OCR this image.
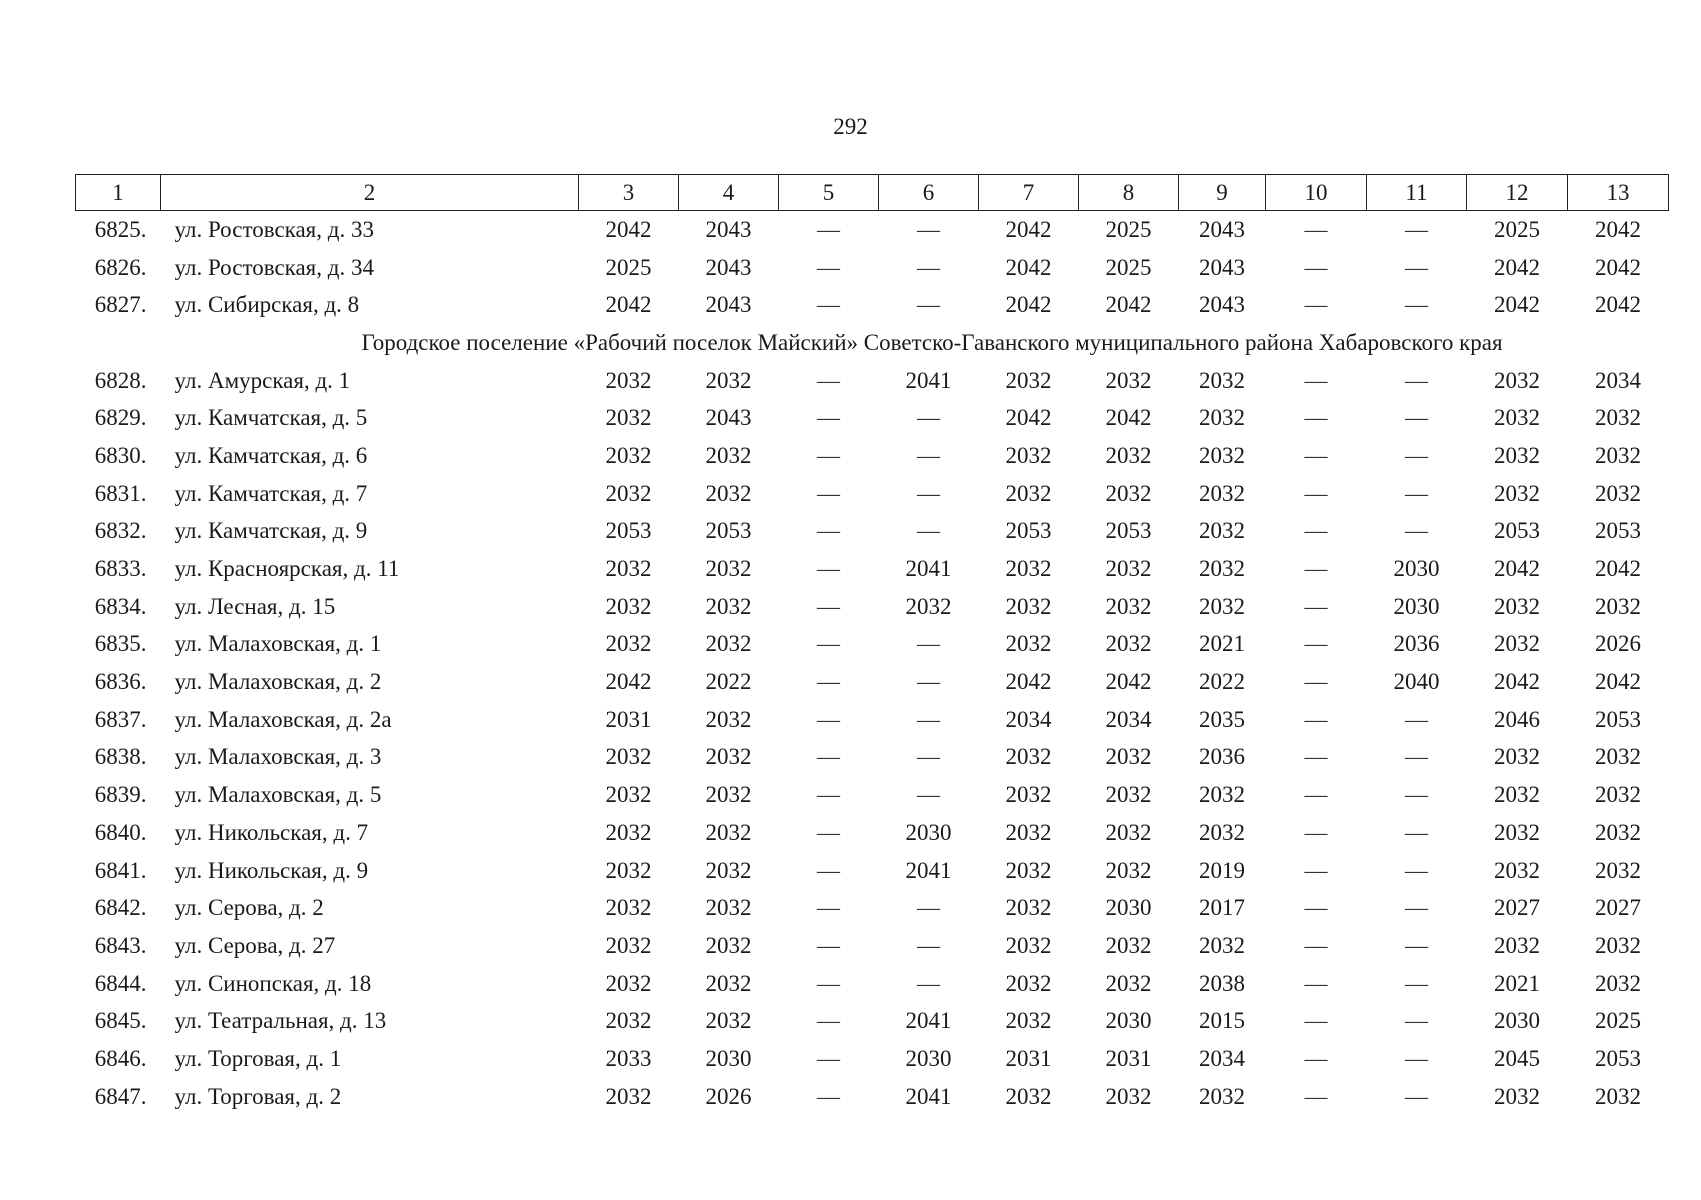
292
1	2	3	4	5	6	7	8	9	10	11	12	13
6825.	ул. Ростовская, д. 33	2042	2043	—	—	2042	2025	2043	—	—	2025	2042
6826.	ул. Ростовская, д. 34	2025	2043	—	—	2042	2025	2043	—	—	2042	2042
6827.	ул. Сибирская, д. 8	2042	2043	—	—	2042	2042	2043	—	—	2042	2042
Городское поселение «Рабочий поселок Майский» Советско-Гаванского муниципального района Хабаровского края												
6828.	ул. Амурская, д. 1	2032	2032	—	2041	2032	2032	2032	—	—	2032	2034
6829.	ул. Камчатская, д. 5	2032	2043	—	—	2042	2042	2032	—	—	2032	2032
6830.	ул. Камчатская, д. 6	2032	2032	—	—	2032	2032	2032	—	—	2032	2032
6831.	ул. Камчатская, д. 7	2032	2032	—	—	2032	2032	2032	—	—	2032	2032
6832.	ул. Камчатская, д. 9	2053	2053	—	—	2053	2053	2032	—	—	2053	2053
6833.	ул. Красноярская, д. 11	2032	2032	—	2041	2032	2032	2032	—	2030	2042	2042
6834.	ул. Лесная, д. 15	2032	2032	—	2032	2032	2032	2032	—	2030	2032	2032
6835.	ул. Малаховская, д. 1	2032	2032	—	—	2032	2032	2021	—	2036	2032	2026
6836.	ул. Малаховская, д. 2	2042	2022	—	—	2042	2042	2022	—	2040	2042	2042
6837.	ул. Малаховская, д. 2а	2031	2032	—	—	2034	2034	2035	—	—	2046	2053
6838.	ул. Малаховская, д. 3	2032	2032	—	—	2032	2032	2036	—	—	2032	2032
6839.	ул. Малаховская, д. 5	2032	2032	—	—	2032	2032	2032	—	—	2032	2032
6840.	ул. Никольская, д. 7	2032	2032	—	2030	2032	2032	2032	—	—	2032	2032
6841.	ул. Никольская, д. 9	2032	2032	—	2041	2032	2032	2019	—	—	2032	2032
6842.	ул. Серова, д. 2	2032	2032	—	—	2032	2030	2017	—	—	2027	2027
6843.	ул. Серова, д. 27	2032	2032	—	—	2032	2032	2032	—	—	2032	2032
6844.	ул. Синопская, д. 18	2032	2032	—	—	2032	2032	2038	—	—	2021	2032
6845.	ул. Театральная, д. 13	2032	2032	—	2041	2032	2030	2015	—	—	2030	2025
6846.	ул. Торговая, д. 1	2033	2030	—	2030	2031	2031	2034	—	—	2045	2053
6847.	ул. Торговая, д. 2	2032	2026	—	2041	2032	2032	2032	—	—	2032	2032
